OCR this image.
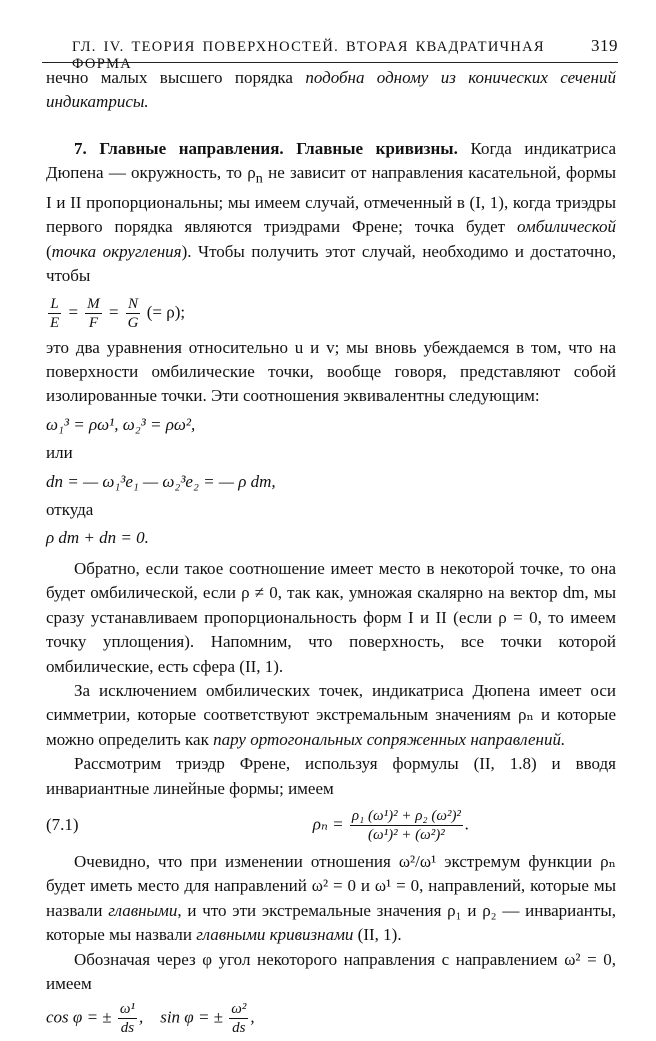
ГЛ. IV. ТЕОРИЯ ПОВЕРХНОСТЕЙ. ВТОРАЯ КВАДРАТИЧНАЯ ФОРМА
319

нечно малых высшего порядка подобна одному из конических сечений индикатрисы.

7. Главные направления. Главные кривизны. Когда индикатриса Дюпена — окружность, то $\rho_n$ не зависит от направления касательной, формы I и II пропорциональны; мы имеем случай, отмеченный в (I, 1), когда триэдры первого порядка являются триэдрами Френе; точка будет омбилической (точка округления). Чтобы получить этот случай, необходимо и достаточно, чтобы

$\frac{L}{E} = \frac{M}{F} = \frac{N}{G}$ (= ρ);

это два уравнения относительно u и v; мы вновь убеждаемся в том, что на поверхности омбилические точки, вообще говоря, представляют собой изолированные точки. Эти соотношения эквивалентны следующим:

ω₁³ = ρω¹, ω₂³ = ρω²,

или

dn = — ω₁³e₁ — ω₂³e₂ = — ρ dm,

откуда

ρ dm + dn = 0.

Обратно, если такое соотношение имеет место в некоторой точке, то она будет омбилической, если ρ ≠ 0, так как, умножая скалярно на вектор dm, мы сразу устанавливаем пропорциональность форм I и II (если ρ = 0, то имеем точку уплощения). Напомним, что поверхность, все точки которой омбилические, есть сфера (II, 1).

За исключением омбилических точек, индикатриса Дюпена имеет оси симметрии, которые соответствуют экстремальным значениям ρₙ и которые можно определить как пару ортогональных сопряженных направлений.

Рассмотрим триэдр Френе, используя формулы (II, 1.8) и вводя инвариантные линейные формы; имеем

(7.1)	$\rho_n = \frac{\text{ρ₁ (ω¹)² + ρ₂ (ω²)²}}{\text{(ω¹)² + (ω²)²}}$ .

Очевидно, что при изменении отношения ω²/ω¹ экстремум функции ρₙ будет иметь место для направлений ω² = 0 и ω¹ = 0, направлений, которые мы назвали главными, и что эти экстремальные значения ρ₁ и ρ₂ — инварианты, которые мы назвали главными кривизнами (II, 1).

Обозначая через φ угол некоторого направления с направлением ω² = 0, имеем

cos φ = ± $\frac{\text{ω¹}}{ds}$ ,    sin φ = ± $\frac{\text{ω²}}{ds}$ ,
